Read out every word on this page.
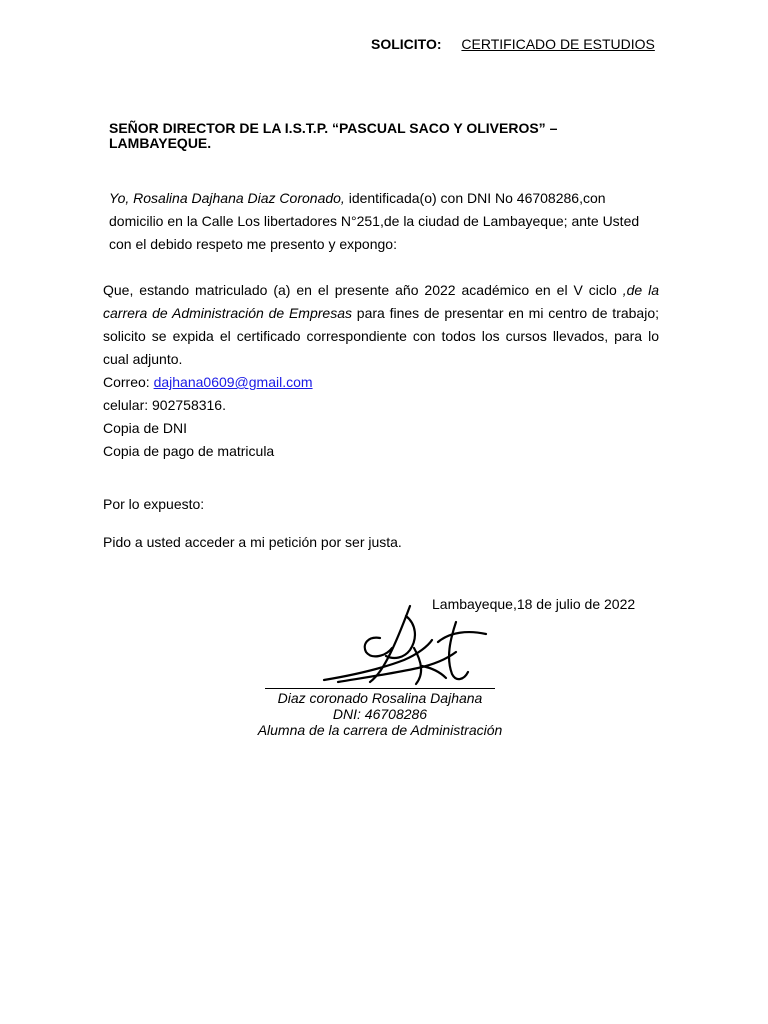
SOLICITO: CERTIFICADO DE ESTUDIOS
SEÑOR DIRECTOR DE LA I.S.T.P. “PASCUAL SACO Y OLIVEROS” –
LAMBAYEQUE.
Yo, Rosalina Dajhana Diaz Coronado, identificada(o) con DNI No 46708286,con
domicilio en la Calle Los libertadores N°251,de la ciudad de Lambayeque; ante Usted
con el debido respeto me presento y expongo:
Que, estando matriculado (a) en el presente año 2022 académico en el V ciclo ,de la carrera de Administración de Empresas para fines de presentar en mi centro de trabajo; solicito se expida el certificado correspondiente con todos los cursos llevados, para lo cual adjunto.
Correo: dajhana0609@gmail.com
celular: 902758316.
Copia de DNI
Copia de pago de matricula
Por lo expuesto:
Pido a usted acceder a mi petición por ser justa.
Lambayeque,18 de julio de 2022
Diaz coronado Rosalina Dajhana
DNI: 46708286
Alumna de la carrera de Administración
